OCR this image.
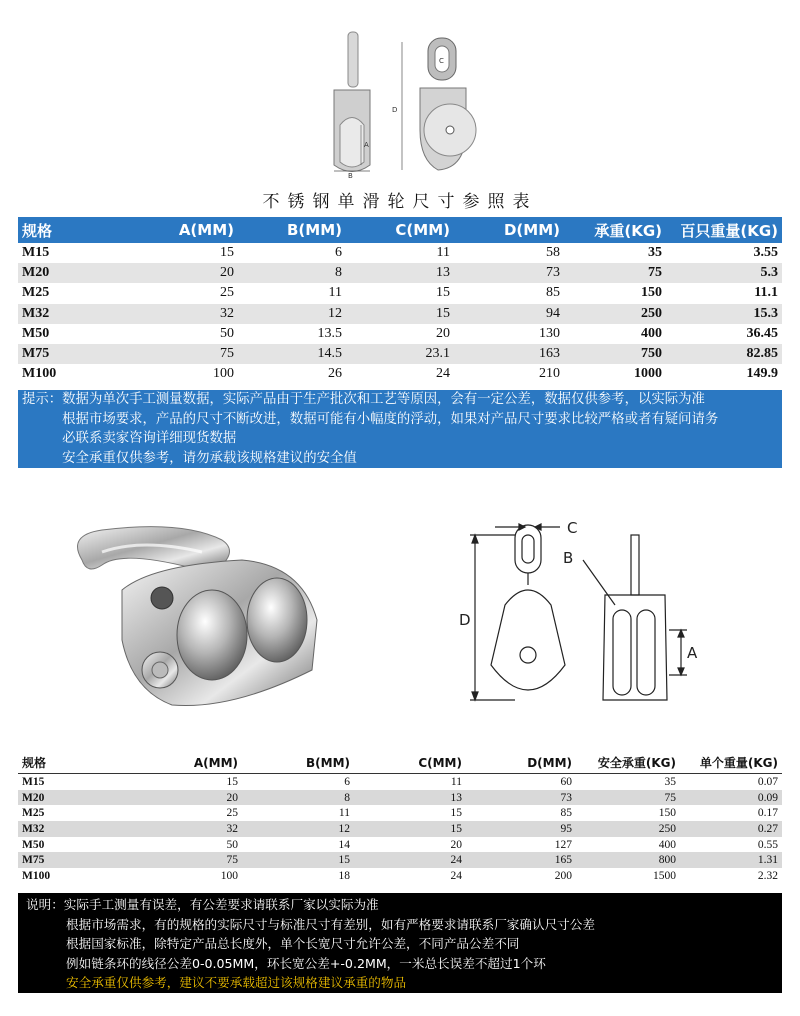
B
A
D
C
不锈钢单滑轮尺寸参照表
规格	A(MM)	B(MM)	C(MM)	D(MM)	承重(KG)	百只重量(KG)
M15	15	6	11	58	35	3.55
M20	20	8	13	73	75	5.3
M25	25	11	15	85	150	11.1
M32	32	12	15	94	250	15.3
M50	50	13.5	20	130	400	36.45
M75	75	14.5	23.1	163	750	82.85
M100	100	26	24	210	1000	149.9
提示：数据为单次手工测量数据，实际产品由于生产批次和工艺等原因，会有一定公差，数据仅供参考，以实际为准
　　　根据市场要求，产品的尺寸不断改进，数据可能有小幅度的浮动，如果对产品尺寸要求比较严格或者有疑问请务
　　　必联系卖家咨询详细现货数据
　　　安全承重仅供参考，请勿承载该规格建议的安全值
C
B
D
A
规格	A(MM)	B(MM)	C(MM)	D(MM)	安全承重(KG)	单个重量(KG)
M15	15	6	11	60	35	0.07
M20	20	8	13	73	75	0.09
M25	25	11	15	85	150	0.17
M32	32	12	15	95	250	0.27
M50	50	14	20	127	400	0.55
M75	75	15	24	165	800	1.31
M100	100	18	24	200	1500	2.32
说明：实际手工测量有误差，有公差要求请联系厂家以实际为准
根据市场需求，有的规格的实际尺寸与标准尺寸有差别，如有严格要求请联系厂家确认尺寸公差
根据国家标准，除特定产品总长度外，单个长宽尺寸允许公差，不同产品公差不同
例如链条环的线径公差0-0.05MM，环长宽公差+-0.2MM，一米总长误差不超过1个环
安全承重仅供参考，建议不要承载超过该规格建议承重的物品
